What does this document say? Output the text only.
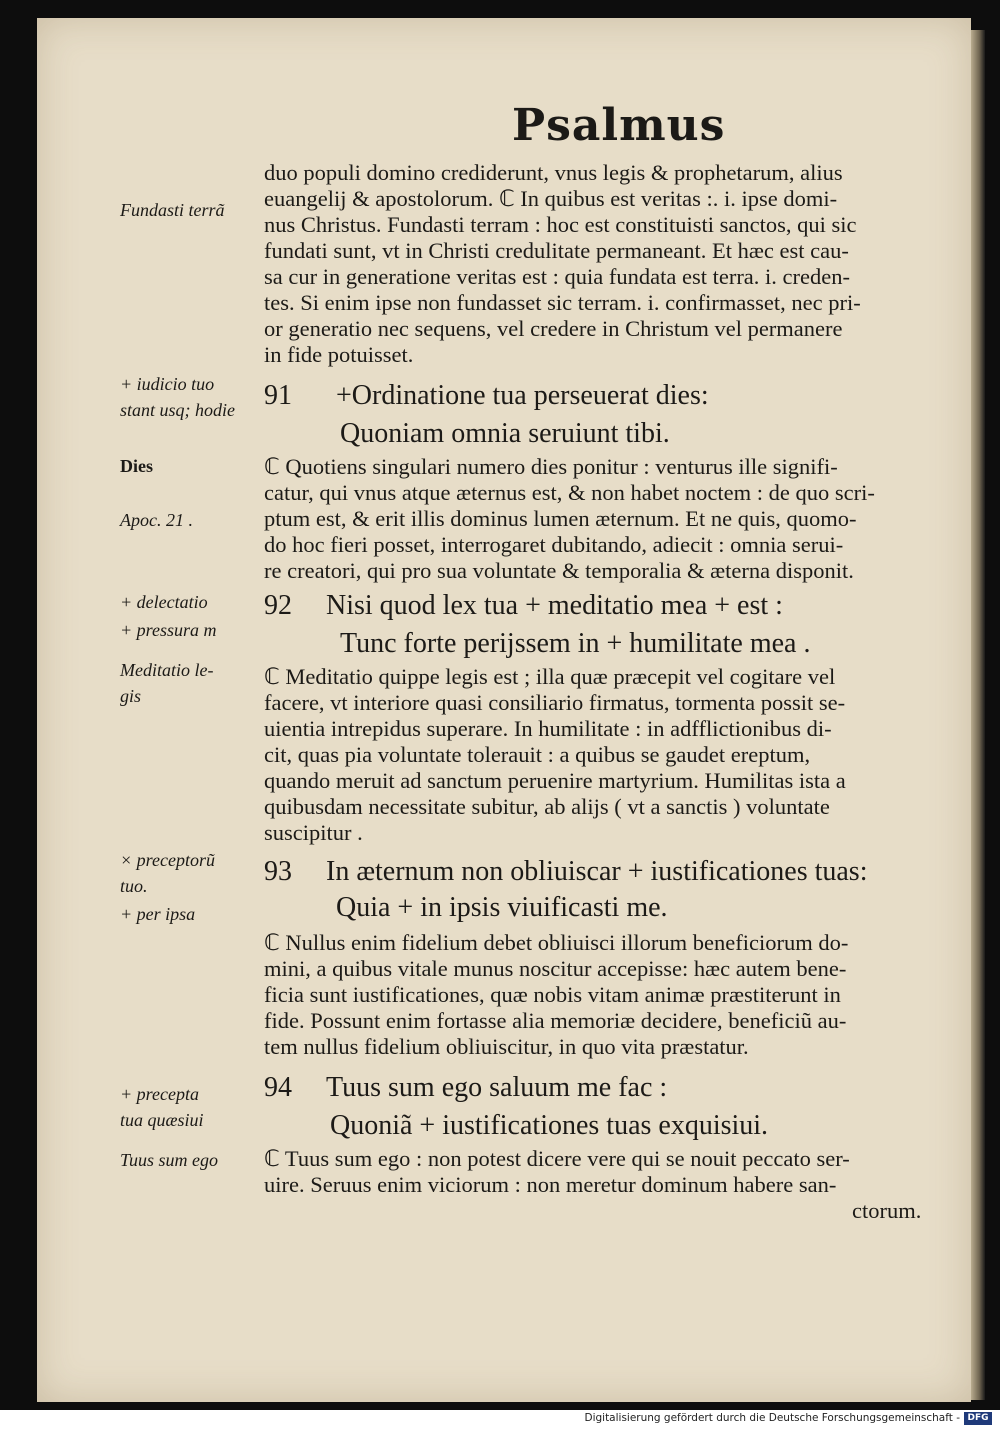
Psalmus
duo populi domino crediderunt, vnus legis & prophetarum, alius
euangelij & apostolorum. ℂ In quibus est veritas :. i. ipse domi-
nus Christus. Fundasti terram : hoc est constituisti sanctos, qui sic
fundati sunt, vt in Christi credulitate permaneant. Et hæc est cau-
sa cur in generatione veritas est : quia fundata est terra. i. creden-
tes. Si enim ipse non fundasset sic terram. i. confirmasset, nec pri-
or generatio nec sequens, vel credere in Christum vel permanere
in fide potuisset.
91 +Ordinatione tua perseuerat dies:
Quoniam omnia seruiunt tibi.
ℂ Quotiens singulari numero dies ponitur : venturus ille signifi-
catur, qui vnus atque æternus est, & non habet noctem : de quo scri-
ptum est, & erit illis dominus lumen æternum. Et ne quis, quomo-
do hoc fieri posset, interrogaret dubitando, adiecit : omnia serui-
re creatori, qui pro sua voluntate & temporalia & æterna disponit.
92 Nisi quod lex tua + meditatio mea + est :
Tunc forte perijssem in + humilitate mea .
ℂ Meditatio quippe legis est ; illa quæ præcepit vel cogitare vel
facere, vt interiore quasi consiliario firmatus, tormenta possit se-
uientia intrepidus superare. In humilitate : in adfflictionibus di-
cit, quas pia voluntate tolerauit : a quibus se gaudet ereptum,
quando meruit ad sanctum peruenire martyrium. Humilitas ista a
quibusdam necessitate subitur, ab alijs ( vt a sanctis ) voluntate
suscipitur .
93 In æternum non obliuiscar + iustificationes tuas:
Quia + in ipsis viuificasti me.
ℂ Nullus enim fidelium debet obliuisci illorum beneficiorum do-
mini, a quibus vitale munus noscitur accepisse: hæc autem bene-
ficia sunt iustificationes, quæ nobis vitam animæ præstiterunt in
fide. Possunt enim fortasse alia memoriæ decidere, beneficiũ au-
tem nullus fidelium obliuiscitur, in quo vita præstatur.
94 Tuus sum ego saluum me fac :
Quoniã + iustificationes tuas exquisiui.
ℂ Tuus sum ego : non potest dicere vere qui se nouit peccato ser-
uire. Seruus enim viciorum : non meretur dominum habere san-
ctorum.
Fundasti terrã
+ iudicio tuo
stant usq; hodie
Dies
Apoc. 21 .
+ delectatio
+ pressura m
Meditatio le-
gis
× preceptorũ
tuo.
+ per ipsa
+ precepta
tua quæsiui
Tuus sum ego
Digitalisierung gefördert durch die Deutsche Forschungsgemeinschaft - DFG
